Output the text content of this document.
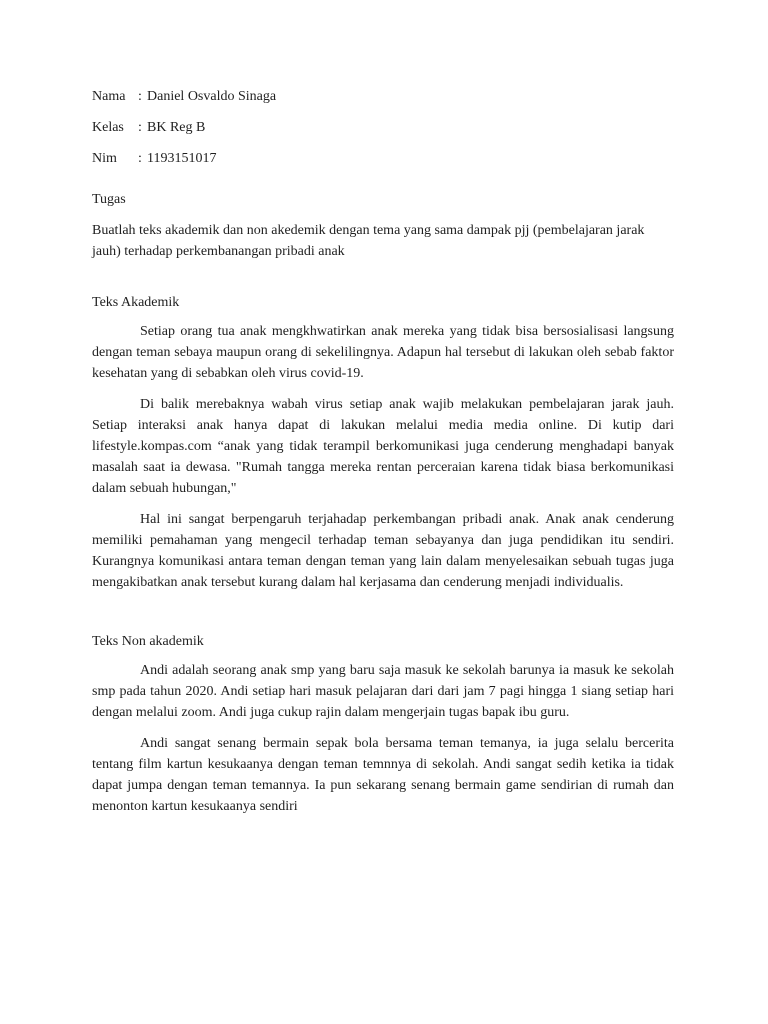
Nama : Daniel Osvaldo Sinaga
Kelas	: BK Reg B
Nim	: 1193151017
Tugas
Buatlah teks akademik dan non akedemik dengan tema yang sama dampak pjj (pembelajaran jarak jauh) terhadap perkembanangan pribadi anak
Teks Akademik

Setiap orang tua anak mengkhwatirkan anak mereka yang tidak bisa bersosialisasi langsung dengan teman sebaya maupun orang di sekelilingnya. Adapun hal tersebut di lakukan oleh sebab faktor kesehatan yang di sebabkan oleh virus covid-19.

Di balik merebaknya wabah virus setiap anak wajib melakukan pembelajaran jarak jauh. Setiap interaksi anak hanya dapat di lakukan melalui media media online. Di kutip dari lifestyle.kompas.com “anak yang tidak terampil berkomunikasi juga cenderung menghadapi banyak masalah saat ia dewasa. "Rumah tangga mereka rentan perceraian karena tidak biasa berkomunikasi dalam sebuah hubungan,"

Hal ini sangat berpengaruh terjahadap perkembangan pribadi anak. Anak anak cenderung memiliki pemahaman yang mengecil terhadap teman sebayanya dan juga pendidikan itu sendiri. Kurangnya komunikasi antara teman dengan teman yang lain dalam menyelesaikan sebuah tugas juga mengakibatkan anak tersebut kurang dalam hal kerjasama dan cenderung menjadi individualis.

Teks Non akademik

Andi adalah seorang anak smp yang baru saja masuk ke sekolah barunya ia masuk ke sekolah smp pada tahun 2020. Andi setiap hari masuk pelajaran dari dari jam 7 pagi hingga 1 siang setiap hari dengan melalui zoom. Andi juga cukup rajin dalam mengerjain tugas bapak ibu guru.

Andi sangat senang bermain sepak bola bersama teman temanya, ia juga selalu bercerita tentang film kartun kesukaanya dengan teman temnnya di sekolah. Andi sangat sedih ketika ia tidak dapat jumpa dengan teman temannya. Ia pun sekarang senang bermain game sendirian di rumah dan menonton kartun kesukaanya sendiri
